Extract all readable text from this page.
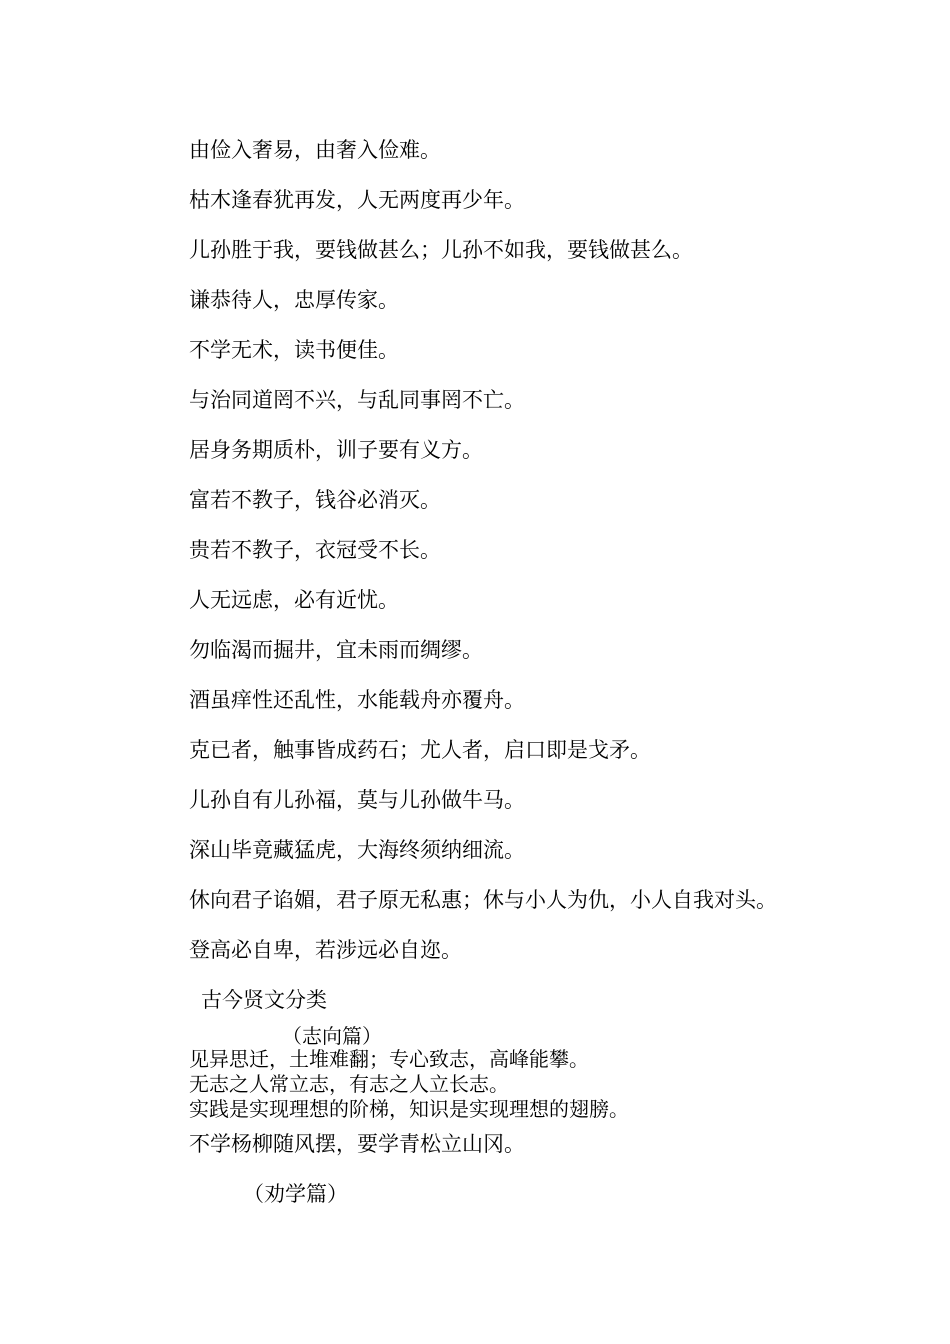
由俭入奢易，由奢入俭难。
枯木逢春犹再发，人无两度再少年。
儿孙胜于我，要钱做甚么；儿孙不如我，要钱做甚么。
谦恭待人，忠厚传家。
不学无术，读书便佳。
与治同道罔不兴，与乱同事罔不亡。
居身务期质朴，训子要有义方。
富若不教子，钱谷必消灭。
贵若不教子，衣冠受不长。
人无远虑，必有近忧。
勿临渴而掘井，宜未雨而绸缪。
酒虽痒性还乱性，水能载舟亦覆舟。
克已者，触事皆成药石；尤人者，启口即是戈矛。
儿孙自有儿孙福，莫与儿孙做牛马。
深山毕竟藏猛虎，大海终须纳细流。
休向君子谄媚，君子原无私惠；休与小人为仇，小人自我对头。
登高必自卑，若涉远必自迩。
古今贤文分类
（志向篇）
见异思迁，土堆难翻；专心致志，高峰能攀。
无志之人常立志，有志之人立长志。
实践是实现理想的阶梯，知识是实现理想的翅膀。
不学杨柳随风摆，要学青松立山冈。
（劝学篇）
